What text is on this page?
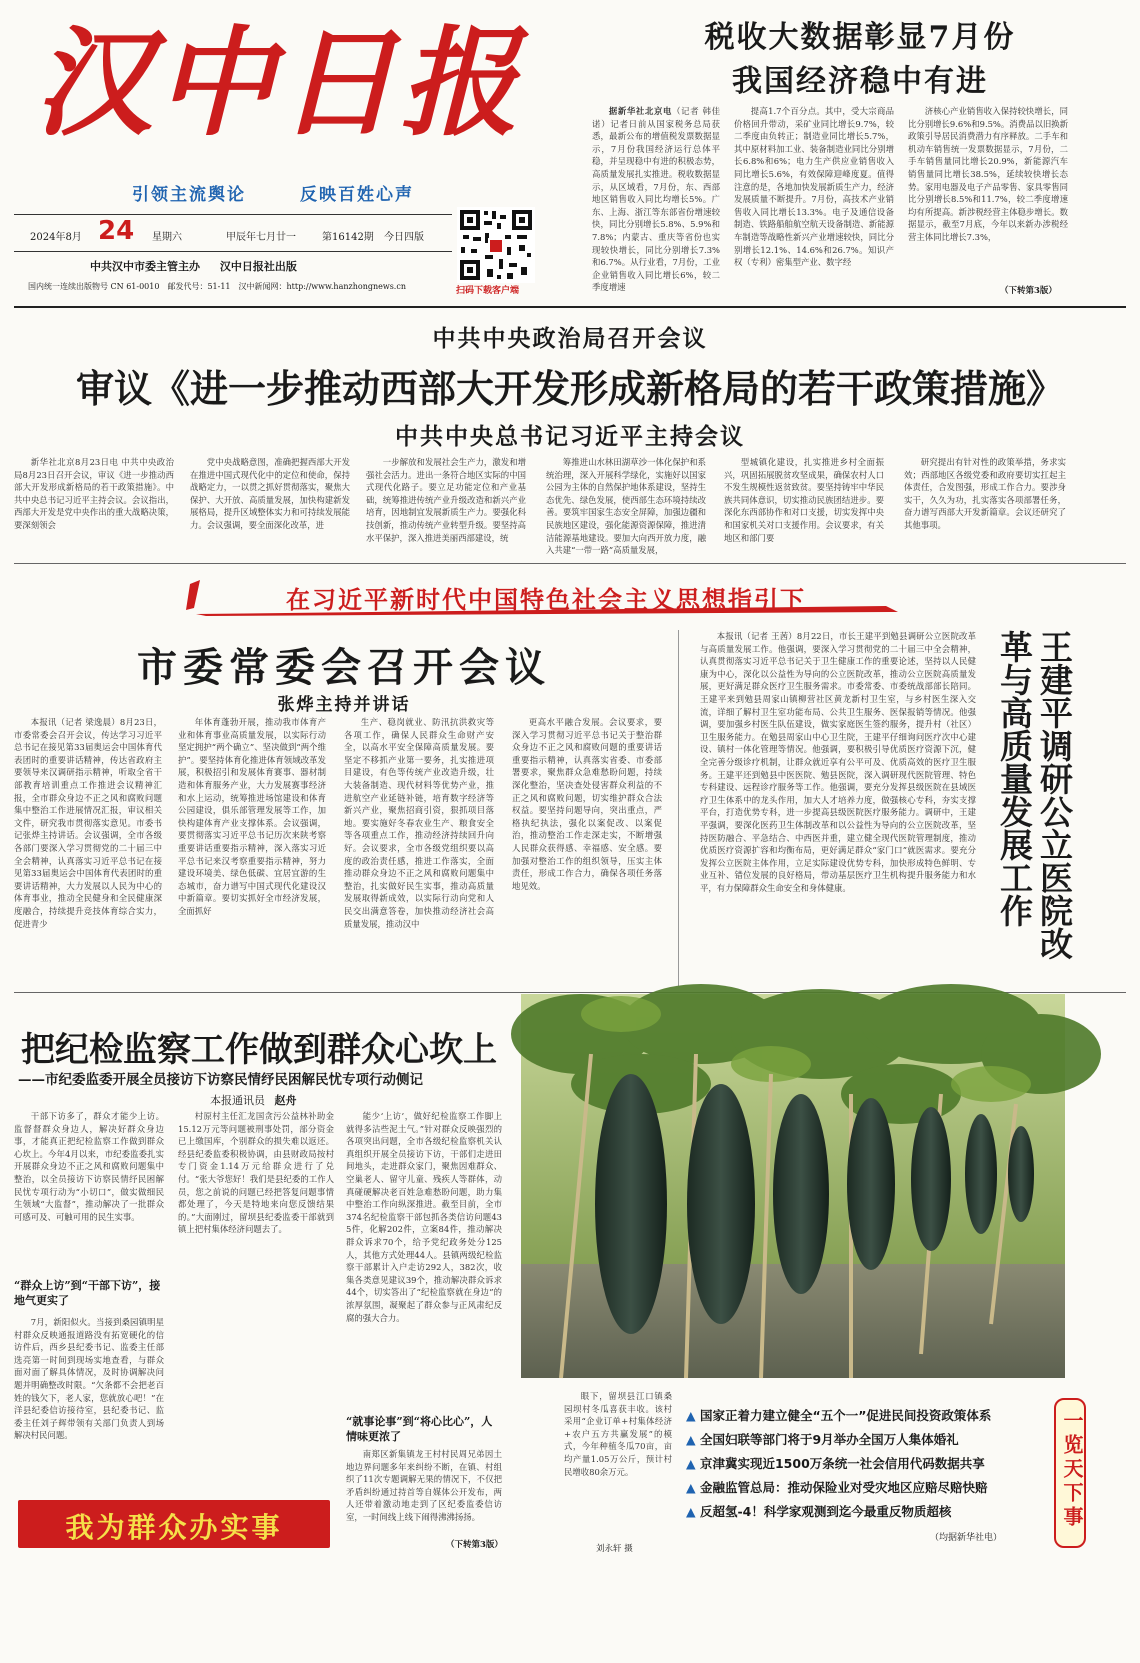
汉中日报
引领主流舆论	反映百姓心声
2024年8月 24 星期六	甲辰年七月廿一	第16142期 今日四版
中共汉中市委主管主办 汉中日报社出版
国内统一连续出版物号 CN 61-0010　邮发代号：51-11　汉中新闻网：http://www.hanzhongnews.cn	扫码下载客户端
税收大数据彰显7月份
我国经济稳中有进

据新华社北京电（记者 韩佳诺）记者日前从国家税务总局获悉，最新公布的增值税发票数据显示，7月份我国经济运行总体平稳，并呈现稳中有进的积极态势，高质量发展扎实推进。税收数据显示，从区域看，7月份，东、西部地区销售收入同比均增长5%。广东、上海、浙江等东部省份增速较快，同比分别增长5.8%、5.9%和7.8%；内蒙古、重庆等省份也实现较快增长，同比分别增长7.3%和6.7%。从行业看，7月份，工业企业销售收入同比增长6%，较二季度增速

提高1.7个百分点。其中，受大宗商品价格回升带动，采矿业同比增长9.7%，较二季度由负转正；制造业同比增长5.7%，其中原材料加工业、装备制造业同比分别增长6.8%和6%；电力生产供应业销售收入同比增长5.6%，有效保障迎峰度夏。值得注意的是，各地加快发展新质生产力，经济发展质量不断提升。7月份，高技术产业销售收入同比增长13.3%。电子及通信设备制造、铁路船舶航空航天设备制造、新能源车制造等战略性新兴产业增速较快，同比分别增长12.1%、14.6%和26.7%。知识产权（专利）密集型产业、数字经

济核心产业销售收入保持较快增长，同比分别增长9.6%和9.5%。消费品以旧换新政策引导居民消费潜力有序释放。二手车和机动车销售统一发票数据显示，7月份，二手车销售量同比增长20.9%，新能源汽车销售量同比增长38.5%，延续较快增长态势。家用电器及电子产品零售、家具零售同比分别增长8.5%和11.7%，较二季度增速均有所提高。新涉税经营主体稳步增长。数据显示，截至7月底，今年以来新办涉税经营主体同比增长7.3%，

（下转第3版）
中共中央政治局召开会议
审议《进一步推动西部大开发形成新格局的若干政策措施》
中共中央总书记习近平主持会议

新华社北京8月23日电 中共中央政治局8月23日召开会议，审议《进一步推动西部大开发形成新格局的若干政策措施》。中共中央总书记习近平主持会议。会议指出，西部大开发是党中央作出的重大战略决策，要深刻领会

党中央战略意图，准确把握西部大开发在推进中国式现代化中的定位和使命，保持战略定力，一以贯之抓好贯彻落实，聚焦大保护、大开放、高质量发展，加快构建新发展格局，提升区域整体实力和可持续发展能力。会议强调，要全面深化改革，进

一步解放和发展社会生产力，激发和增强社会活力。进出一条符合地区实际的中国式现代化路子。要立足功能定位和产业基础，统筹推进传统产业升级改造和新兴产业培育，因地制宜发展新质生产力。要强化科技创新，推动传统产业转型升级。要坚持高水平保护，深入推进美丽西部建设，统

筹推进山水林田湖草沙一体化保护和系统治理，深入开展科学绿化，实施好以国家公园为主体的自然保护地体系建设，坚持生态优先、绿色发展，使西部生态环境持续改善。要筑牢国家生态安全屏障，加强边疆和民族地区建设，强化能源资源保障，推进清洁能源基地建设。要加大向西开放力度，融入共建“一带一路”高质量发展，

型城镇化建设，扎实推进乡村全面振兴，巩固拓展脱贫攻坚成果，确保农村人口不发生规模性返贫致贫。要坚持铸牢中华民族共同体意识，切实推动民族团结进步。要深化东西部协作和对口支援，切实发挥中央和国家机关对口支援作用。会议要求，有关地区和部门要

研究提出有针对性的政策举措，务求实效；西部地区各级党委和政府要切实扛起主体责任，合发图强，形成工作合力。要涉身实干，久久为功，扎实落实各项部署任务，奋力谱写西部大开发新篇章。会议还研究了其他事项。

在习近平新时代中国特色社会主义思想指引下
市委常委会召开会议
张烨主持并讲话

本报讯（记者 梁逸晨）8月23日，市委常委会召开会议，传达学习习近平总书记在接见第33届奥运会中国体育代表团时的重要讲话精神，传达省政府主要领导来汉调研指示精神，听取全省干部教育培训重点工作推进会议精神汇报，全市群众身边不正之风和腐败问题集中整治工作进展情况汇报，审议相关文件，研究我市贯彻落实意见。市委书记张烨主持讲话。会议强调，全市各级各部门要深入学习贯彻党的二十届三中全会精神，认真落实习近平总书记在接见第33届奥运会中国体育代表团时的重要讲话精神，大力发展以人民为中心的体育事业，推动全民健身和全民健康深度融合，持续提升竞技体育综合实力，促进青少

年体育蓬勃开展，推动我市体育产业和体育事业高质量发展，以实际行动坚定拥护“两个确立”、坚决做到“两个维护”。要坚持体育化推进体育领域改革发展，积极招引和发展体育赛事、器材制造和体育服务产业，大力发展赛事经济和水上运动，统筹推进场馆建设和体育公园建设，俱乐部管理发展等工作，加快构建体育产业支撑体系。会议强调，要贯彻落实习近平总书记历次来陕考察重要讲话重要指示精神，深入落实习近平总书记来汉考察重要指示精神，努力建设环境美、绿色低碳、宜居宜游的生态城市，奋力谱写中国式现代化建设汉中新篇章。要切实抓好全市经济发展，全面抓好

生产、稳岗就业、防汛抗洪救灾等各项工作，确保人民群众生命财产安全，以高水平安全保障高质量发展。要坚定不移抓产业第一要务，扎实推进项目建设，有色等传统产业改造升级，壮大装备制造、现代材料等优势产业，推进航空产业延链补链，培育数字经济等新兴产业，聚焦招商引资，狠抓项目落地。要实施好冬春农业生产、粮食安全等各项重点工作，推动经济持续回升向好。会议要求，全市各级党组织要以高度的政治责任感，推进工作落实，全面推动群众身边不正之风和腐败问题集中整治，扎实做好民生实事，推动高质量发展取得新成效，以实际行动向党和人民交出满意答卷，加快推动经济社会高质量发展，推动汉中

更高水平融合发展。会议要求，要深入学习贯彻习近平总书记关于整治群众身边不正之风和腐败问题的重要讲话重要指示精神，认真落实省委、市委部署要求，聚焦群众急难愁盼问题，持续深化整治，坚决查处侵害群众利益的不正之风和腐败问题，切实维护群众合法权益。要坚持问题导向，突出重点，严格执纪执法，强化以案促改、以案促治，推动整治工作走深走实，不断增强人民群众获得感、幸福感、安全感。要加强对整治工作的组织领导，压实主体责任，形成工作合力，确保各项任务落地见效。

本报讯（记者 王茜）8月22日，市长王建平到勉县调研公立医院改革与高质量发展工作。他强调，要深入学习贯彻党的二十届三中全会精神，认真贯彻落实习近平总书记关于卫生健康工作的重要论述，坚持以人民健康为中心，深化以公益性为导向的公立医院改革，推动公立医院高质量发展，更好满足群众医疗卫生服务需求。市委常委、市委统战部部长陪同。王建平来到勉县周家山镇柳营社区黄龙新村卫生室，与乡村医生深入交流，详细了解村卫生室功能布局、公共卫生服务、医保报销等情况。他强调，要加强乡村医生队伍建设，做实家庭医生签约服务，提升村（社区）卫生服务能力。在勉县周家山中心卫生院，王建平仔细询问医疗次中心建设、镇村一体化管理等情况。他强调，要积极引导优质医疗资源下沉，健全完善分级诊疗机制，让群众就近享有公平可及、优质高效的医疗卫生服务。王建平还到勉县中医医院、勉县医院，深入调研现代医院管理、特色专科建设、远程诊疗服务等工作。他强调，要充分发挥县级医院在县域医疗卫生体系中的龙头作用，加大人才培养力度，做强核心专科，夯实支撑平台，打造优势专科，进一步提高县级医院医疗服务能力。调研中，王建平强调，要深化医药卫生体制改革和以公益性为导向的公立医院改革，坚持医防融合、平急结合、中西医并重，建立健全现代医院管理制度，推动优质医疗资源扩容和均衡布局，更好满足群众“家门口”就医需求。要充分发挥公立医院主体作用，立足实际建设优势专科，加快形成特色鲜明、专业互补、错位发展的良好格局，带动基层医疗卫生机构提升服务能力和水平，有力保障群众生命安全和身体健康。	王建平调研公立医院改革与高质量发展工作
把纪检监察工作做到群众心坎上
——市纪委监委开展全员接访下访察民情纾民困解民忧专项行动侧记
本报通讯员 赵舟

干部下访多了，群众才能少上访。监督督群众身边人，解决好群众身边事，才能真正把纪检监察工作做到群众心坎上。今年4月以来，市纪委监委扎实开展群众身边不正之风和腐败问题集中整治，以全员接访下访察民情纾民困解民忧专项行动为“小切口”，做实做细民生领域“大监督”，推动解决了一批群众可感可及、可触可用的民生实事。

“群众上访”到“干部下访”，接地气更实了

7月，新阳似火。当接到桑园镇明星村群众反映通报道路没有拓宽硬化的信访件后，西乡县纪委书记、监委主任部选亮第一时间到现场实地查看，与群众面对面了解具体情况，及时协调解决问题并明确整改时限。“欠条都不会把老百姓的钱欠下，老人家，您就放心吧！”在洋县纪委信访接待室，县纪委书记、监委主任刘子辉带领有关部门负责人到场解决村民问题。

村原村主任汇龙国贪污公益林补助金15.12万元等问题被刑事处罚，部分资金已上缴国库，个别群众的损失难以返还。经县纪委监委积极协调，由县财政局按村专门资金1.14万元给群众进行了兑付。“张大爷您好！我们是县纪委的工作人员，您之前说的问题已经把答复问题事情都处理了，今天是特地来向您反馈结果的。”大面刚过，留坝县纪委监委干部就到镇上把村集体经济问题去了。

能少‘上访’，做好纪检监察工作脚上就得多沾些泥土气。”针对群众反映强烈的各项突出问题，全市各级纪检监察机关认真组织开展全员接访下访，干部们走进田间地头，走进群众家门，聚焦因难群众、空巢老人、留守儿童、残疾人等群体，动真碰硬解决老百姓急难愁盼问题，助力集中整治工作向纵深推进。截至目前，全市374名纪检监察干部包抓各类信访问题435件，化解202件，立案84件，推动解决群众诉求70个，给予党纪政务处分125人，其他方式处理44人。县镇两级纪检监察干部累计入户走访292人，382次，收集各类意见建议39个，推动解决群众诉求44个，切实答出了“纪检监察就在身边”的浓厚氛围，凝聚起了群众参与正风肃纪反腐的强大合力。

“就事论事”到“将心比心”，人情味更浓了

南郑区新集镇龙王村村民周兄弟因土地边界问题多年来纠纷不断，在镇、村组织了11次专题调解无果的情况下，不仅把矛盾纠纷通过持首等自媒体公开发布，两人还带着激动地走到了区纪委监委信访室，一时间线上线下闹得沸沸扬扬。

（下转第3版）
我为群众办实事

眼下，留坝县江口镇桑园坝村冬瓜喜获丰收。该村采用“企业订单+村集体经济+农户五方共赢发展”的模式，今年种植冬瓜70亩，亩均产量1.05万公斤，预计村民增收80余万元。

刘永轩 摄
▲ 国家正着力建立健全“五个一”促进民间投资政策体系
▲ 全国妇联等部门将于9月举办全国万人集体婚礼
▲ 京津冀实现近1500万条统一社会信用代码数据共享
▲ 金融监管总局：推动保险业对受灾地区应赔尽赔快赔
▲ 反超氢-4！科学家观测到迄今最重反物质超核
（均据新华社电）
一览天下事
